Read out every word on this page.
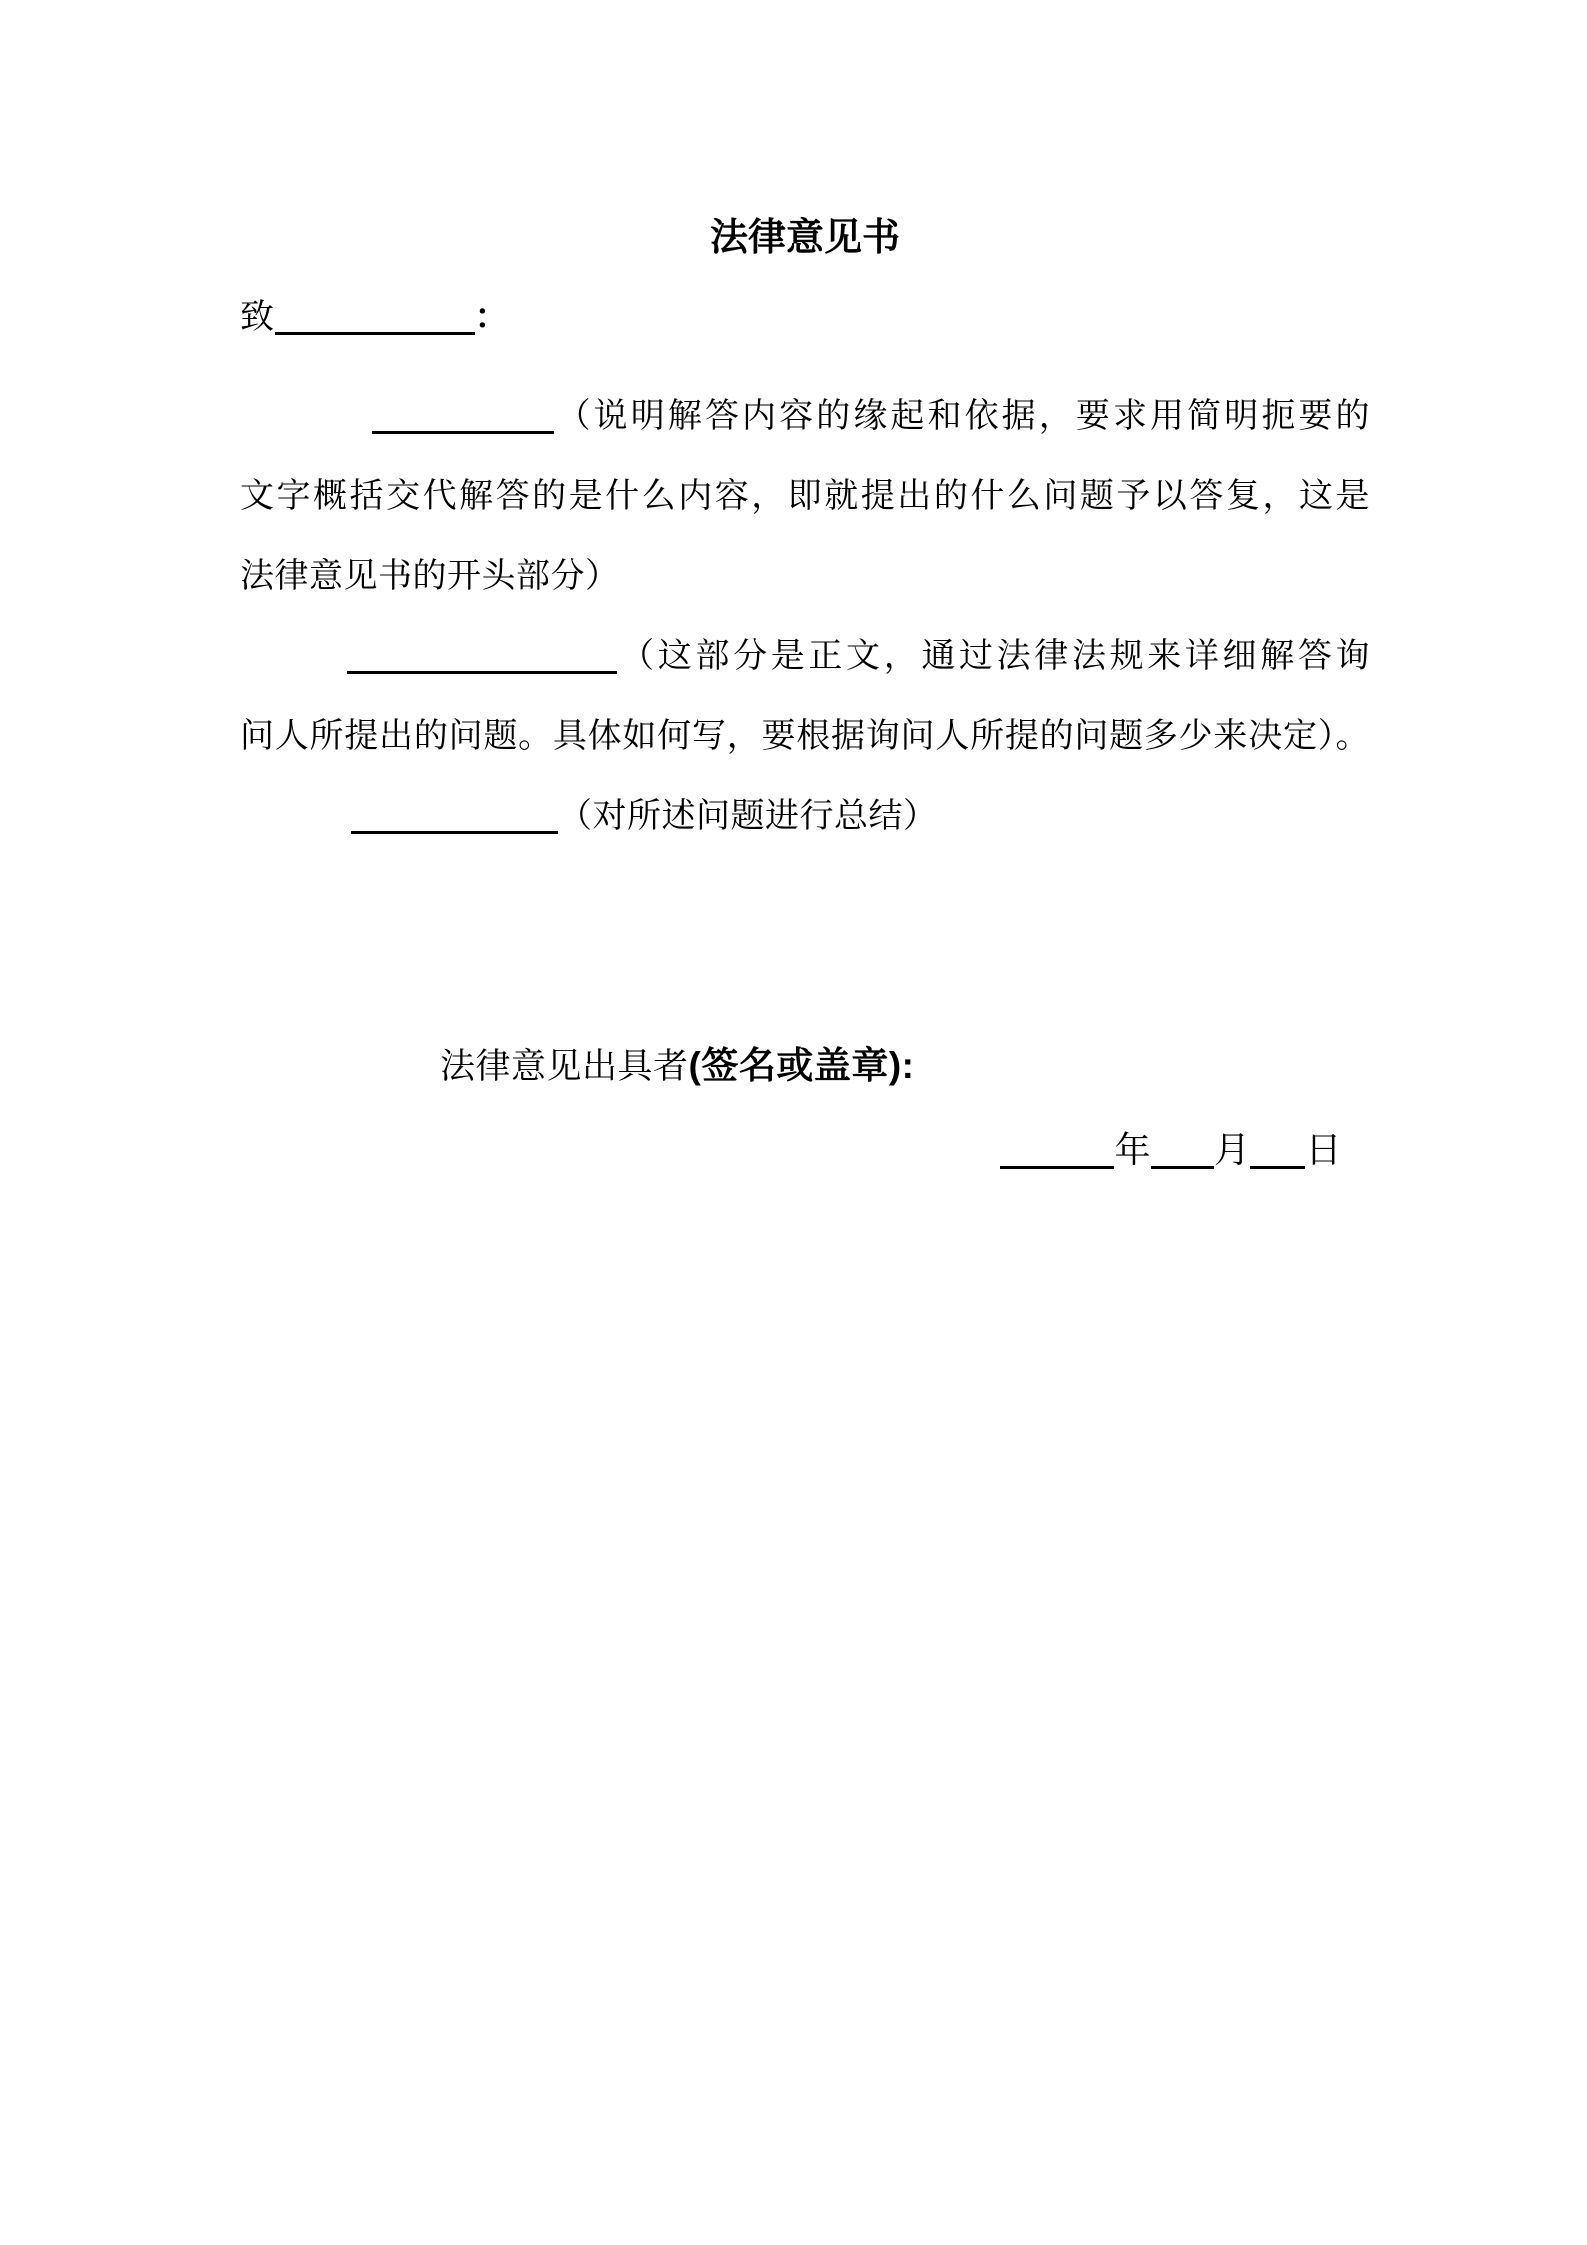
法律意见书
致	：
（说明解答内容的缘起和依据，要求用简明扼要的
文字概括交代解答的是什么内容，即就提出的什么问题予以答复，这是
法律意见书的开头部分）
（这部分是正文，通过法律法规来详细解答询
问人所提出的问题。具体如何写，要根据询问人所提的问题多少来决定）。
（对所述问题进行总结）
法律意见出具者(签名或盖章):
年 月 日
